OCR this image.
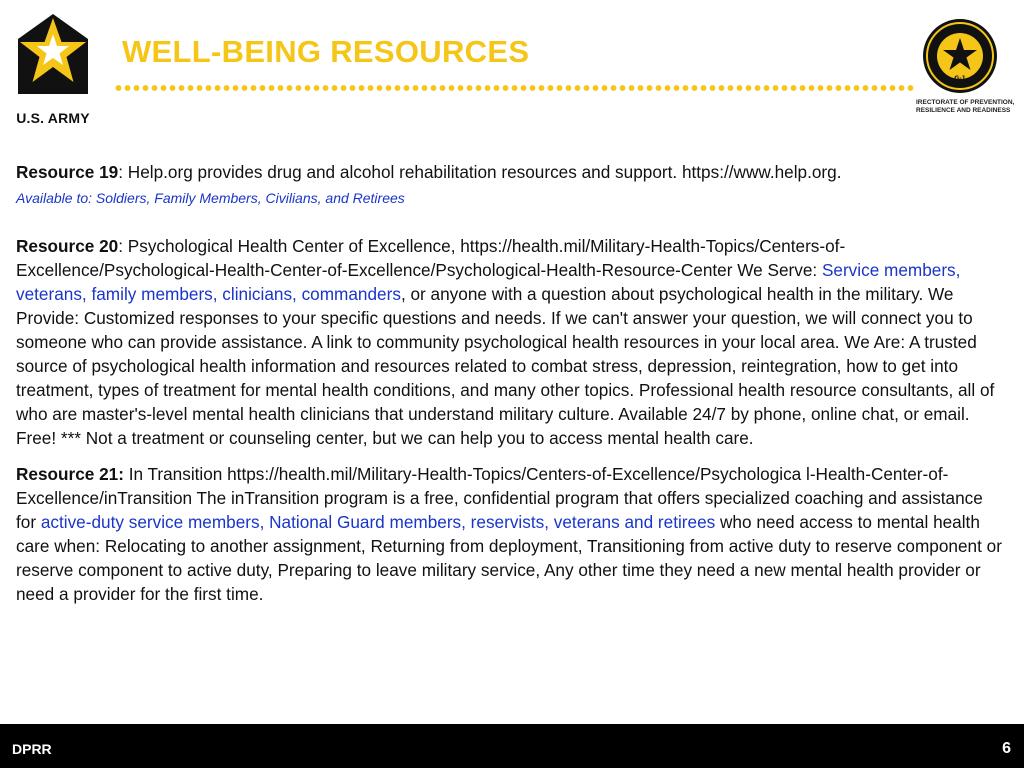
U.S. ARMY
WELL-BEING RESOURCES
G-1
IRECTORATE OF PREVENTION, RESILIENCE AND READINESS

Resource 19: Help.org provides drug and alcohol rehabilitation resources and support. https://www.help.org.

Available to: Soldiers, Family Members, Civilians, and Retirees

Resource 20: Psychological Health Center of Excellence, https://health.mil/Military-Health-Topics/Centers-of-Excellence/Psychological-Health-Center-of-Excellence/Psychological-Health-Resource-Center We Serve: Service members, veterans, family members, clinicians, commanders, or anyone with a question about psychological health in the military. We Provide: Customized responses to your specific questions and needs. If we can't answer your question, we will connect you to someone who can provide assistance. A link to community psychological health resources in your local area. We Are: A trusted source of psychological health information and resources related to combat stress, depression, reintegration, how to get into treatment, types of treatment for mental health conditions, and many other topics. Professional health resource consultants, all of who are master's-level mental health clinicians that understand military culture. Available 24/7 by phone, online chat, or email. Free! *** Not a treatment or counseling center, but we can help you to access mental health care.

Resource 21: In Transition https://health.mil/Military-Health-Topics/Centers-of-Excellence/Psychologica l-Health-Center-of-Excellence/inTransition The inTransition program is a free, confidential program that offers specialized coaching and assistance for active-duty service members, National Guard members, reservists, veterans and retirees who need access to mental health care when: Relocating to another assignment, Returning from deployment, Transitioning from active duty to reserve component or reserve component to active duty, Preparing to leave military service, Any other time they need a new mental health provider or need a provider for the first time.

DPRR	6
